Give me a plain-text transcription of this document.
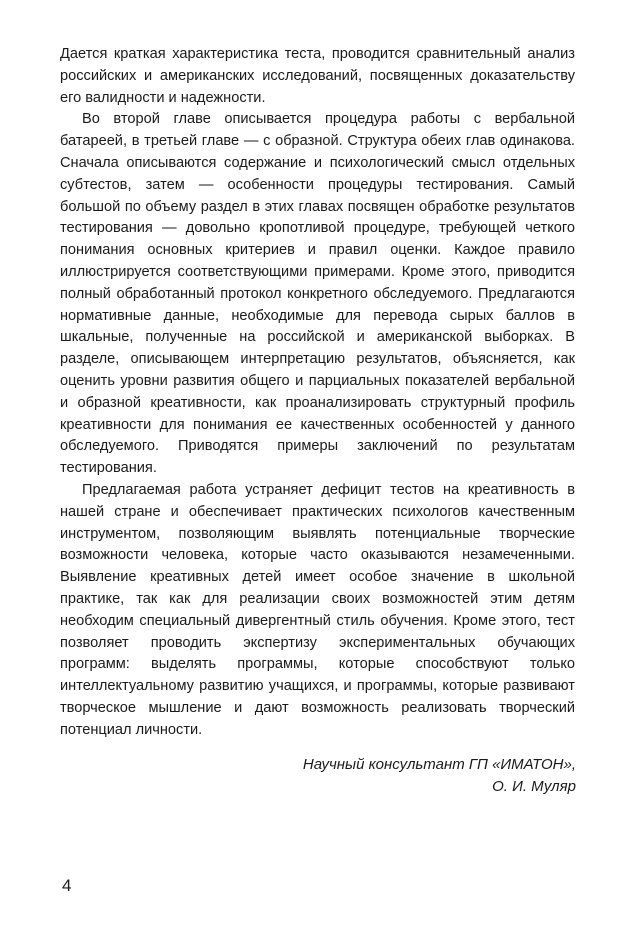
Дается краткая характеристика теста, проводится сравнительный анализ российских и американских исследований, посвященных доказательству его валидности и надежности.

Во второй главе описывается процедура работы с вербальной батареей, в третьей главе — с образной. Структура обеих глав одинакова. Сначала описываются содержание и психологический смысл отдельных субтестов, затем — особенности процедуры тестирования. Самый большой по объему раздел в этих главах посвящен обработке результатов тестирования — довольно кропотливой процедуре, требующей четкого понимания основных критериев и правил оценки. Каждое правило иллюстрируется соответствующими примерами. Кроме этого, приводится полный обработанный протокол конкретного обследуемого. Предлагаются нормативные данные, необходимые для перевода сырых баллов в шкальные, полученные на российской и американской выборках. В разделе, описывающем интерпретацию результатов, объясняется, как оценить уровни развития общего и парциальных показателей вербальной и образной креативности, как проанализировать структурный профиль креативности для понимания ее качественных особенностей у данного обследуемого. Приводятся примеры заключений по результатам тестирования.

Предлагаемая работа устраняет дефицит тестов на креативность в нашей стране и обеспечивает практических психологов качественным инструментом, позволяющим выявлять потенциальные творческие возможности человека, которые часто оказываются незамеченными. Выявление креативных детей имеет особое значение в школьной практике, так как для реализации своих возможностей этим детям необходим специальный дивергентный стиль обучения. Кроме этого, тест позволяет проводить экспертизу экспериментальных обучающих программ: выделять программы, которые способствуют только интеллектуальному развитию учащихся, и программы, которые развивают творческое мышление и дают возможность реализовать творческий потенциал личности.

Научный консультант ГП «ИМАТОН»,
О. И. Муляр
4
